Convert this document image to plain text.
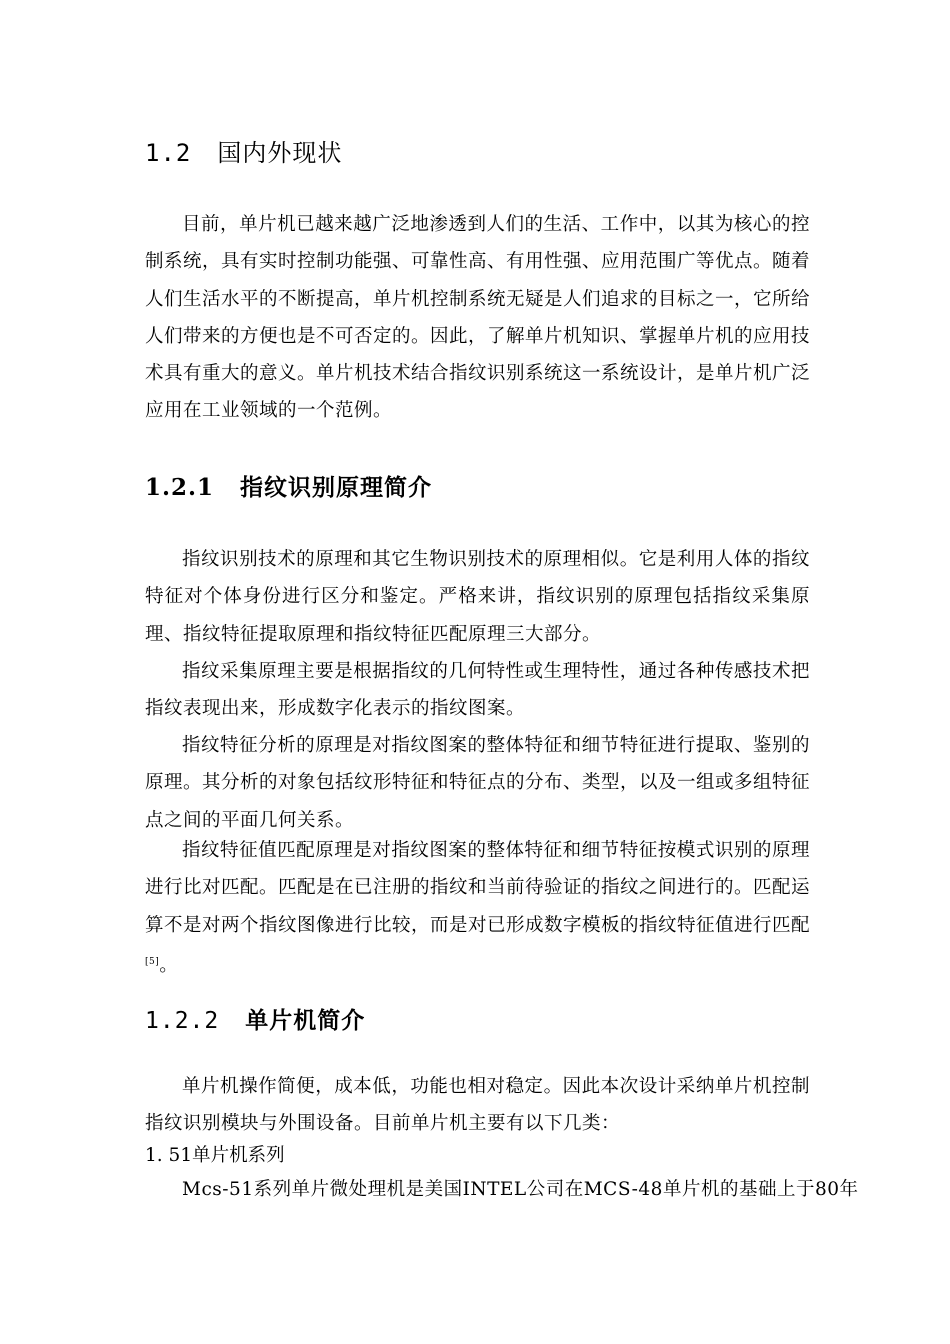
1.2 国内外现状

目前，单片机已越来越广泛地渗透到人们的生活、工作中，以其为核心的控制系统，具有实时控制功能强、可靠性高、有用性强、应用范围广等优点。随着人们生活水平的不断提高，单片机控制系统无疑是人们追求的目标之一，它所给人们带来的方便也是不可否定的。因此，了解单片机知识、掌握单片机的应用技术具有重大的意义。单片机技术结合指纹识别系统这一系统设计，是单片机广泛应用在工业领域的一个范例。

1.2.1 指纹识别原理简介

指纹识别技术的原理和其它生物识别技术的原理相似。它是利用人体的指纹特征对个体身份进行区分和鉴定。严格来讲，指纹识别的原理包括指纹采集原理、指纹特征提取原理和指纹特征匹配原理三大部分。

指纹采集原理主要是根据指纹的几何特性或生理特性，通过各种传感技术把指纹表现出来，形成数字化表示的指纹图案。

指纹特征分析的原理是对指纹图案的整体特征和细节特征进行提取、鉴别的原理。其分析的对象包括纹形特征和特征点的分布、类型，以及一组或多组特征点之间的平面几何关系。

指纹特征值匹配原理是对指纹图案的整体特征和细节特征按模式识别的原理进行比对匹配。匹配是在已注册的指纹和当前待验证的指纹之间进行的。匹配运算不是对两个指纹图像进行比较，而是对已形成数字模板的指纹特征值进行匹配[5]。

1.2.2 单片机简介

单片机操作简便，成本低，功能也相对稳定。因此本次设计采纳单片机控制指纹识别模块与外围设备。目前单片机主要有以下几类：

1. 51单片机系列

Mcs-51系列单片微处理机是美国INTEL公司在MCS-48单片机的基础上于80年
